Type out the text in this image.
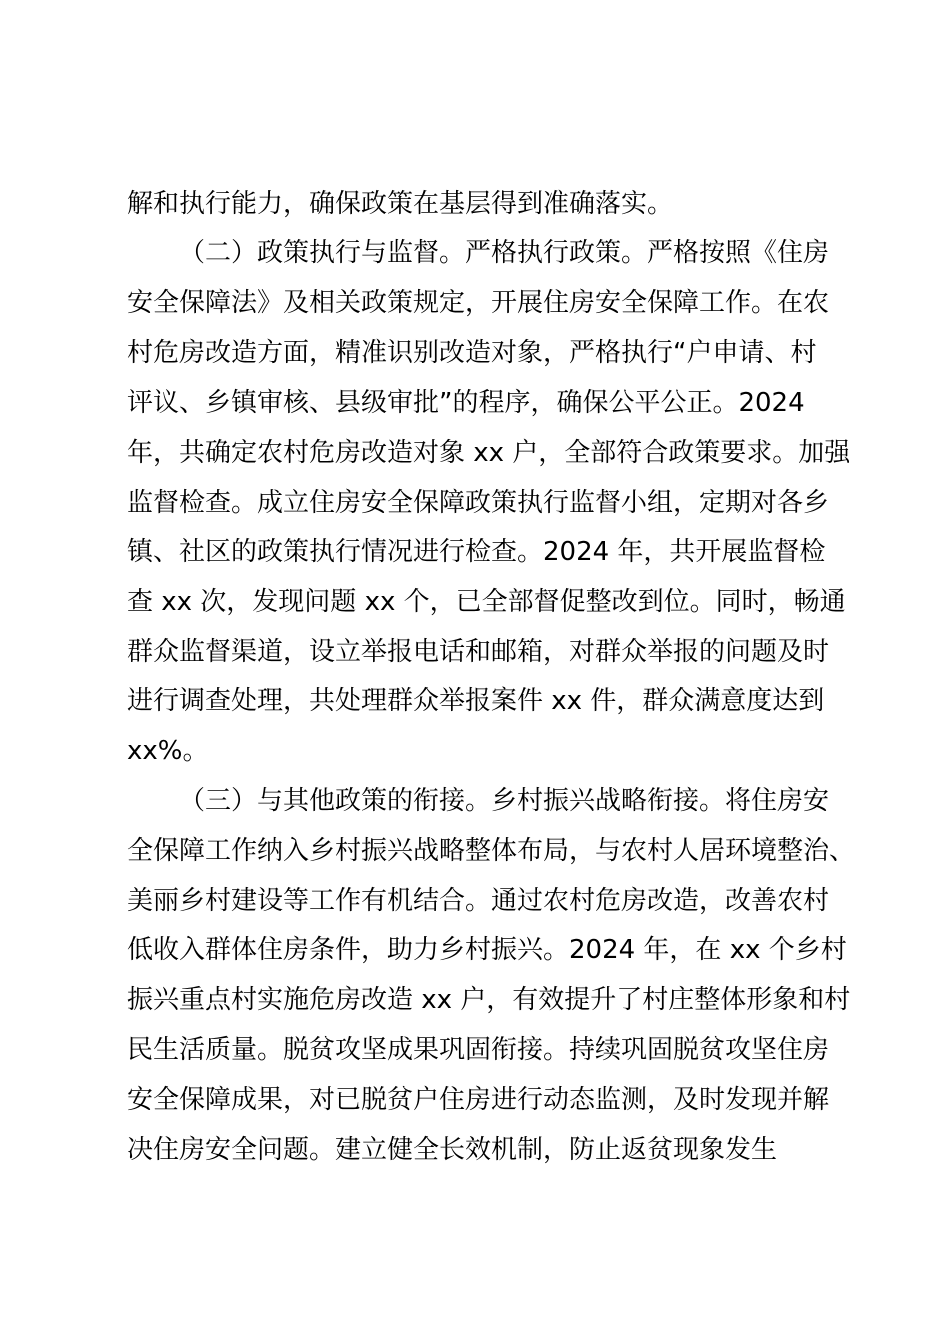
解和执行能力，确保政策在基层得到准确落实。
（二）政策执行与监督。严格执行政策。严格按照《住房
安全保障法》及相关政策规定，开展住房安全保障工作。在农
村危房改造方面，精准识别改造对象，严格执行“户申请、村
评议、乡镇审核、县级审批”的程序，确保公平公正。2024
年，共确定农村危房改造对象 xx 户，全部符合政策要求。加强
监督检查。成立住房安全保障政策执行监督小组，定期对各乡
镇、社区的政策执行情况进行检查。2024 年，共开展监督检
查 xx 次，发现问题 xx 个，已全部督促整改到位。同时，畅通
群众监督渠道，设立举报电话和邮箱，对群众举报的问题及时
进行调查处理，共处理群众举报案件 xx 件，群众满意度达到
xx%。
（三）与其他政策的衔接。乡村振兴战略衔接。将住房安
全保障工作纳入乡村振兴战略整体布局，与农村人居环境整治、
美丽乡村建设等工作有机结合。通过农村危房改造，改善农村
低收入群体住房条件，助力乡村振兴。2024 年，在 xx 个乡村
振兴重点村实施危房改造 xx 户，有效提升了村庄整体形象和村
民生活质量。脱贫攻坚成果巩固衔接。持续巩固脱贫攻坚住房
安全保障成果，对已脱贫户住房进行动态监测，及时发现并解
决住房安全问题。建立健全长效机制，防止返贫现象发生
